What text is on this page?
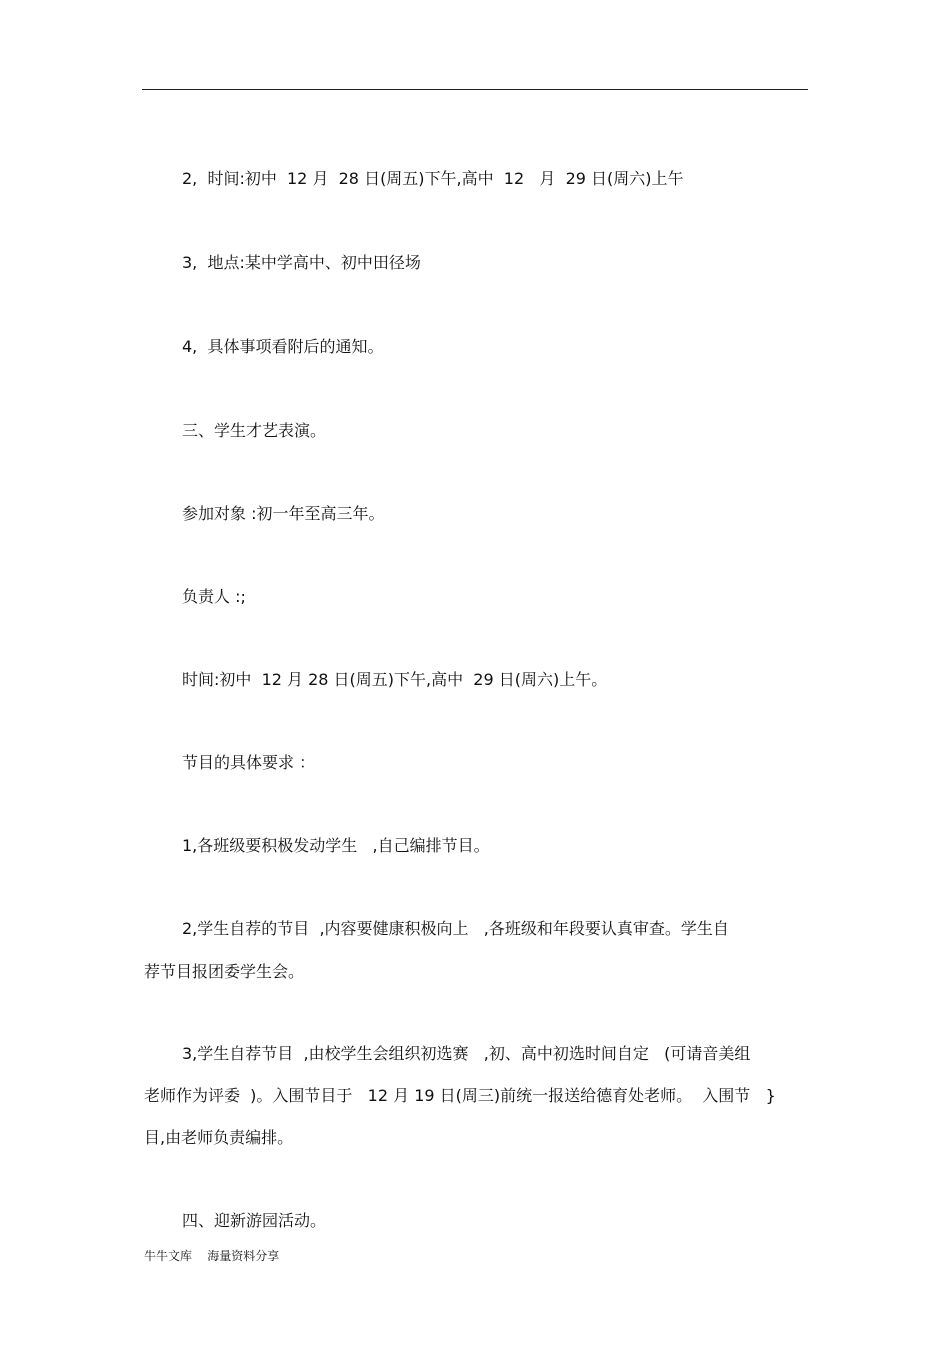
2,  时间:初中  12 月  28 日(周五)下午,高中  12   月  29 日(周六)上午
3,  地点:某中学高中、初中田径场
4,  具体事项看附后的通知。
三、学生才艺表演。
参加对象 :初一年至高三年。
负责人 :;
时间:初中  12 月 28 日(周五)下午,高中  29 日(周六)上午。
节目的具体要求 ：
1,各班级要积极发动学生   ,自己编排节目。
2,学生自荐的节目  ,内容要健康积极向上   ,各班级和年段要认真审查。学生自
荐节目报团委学生会。
3,学生自荐节目  ,由校学生会组织初选赛   ,初、高中初选时间自定   (可请音美组
老师作为评委  )。入围节目于   12 月 19 日(周三)前统一报送给德育处老师。  入围节   }
目,由老师负责编排。
四、迎新游园活动。
牛牛文库    海量资料分享
